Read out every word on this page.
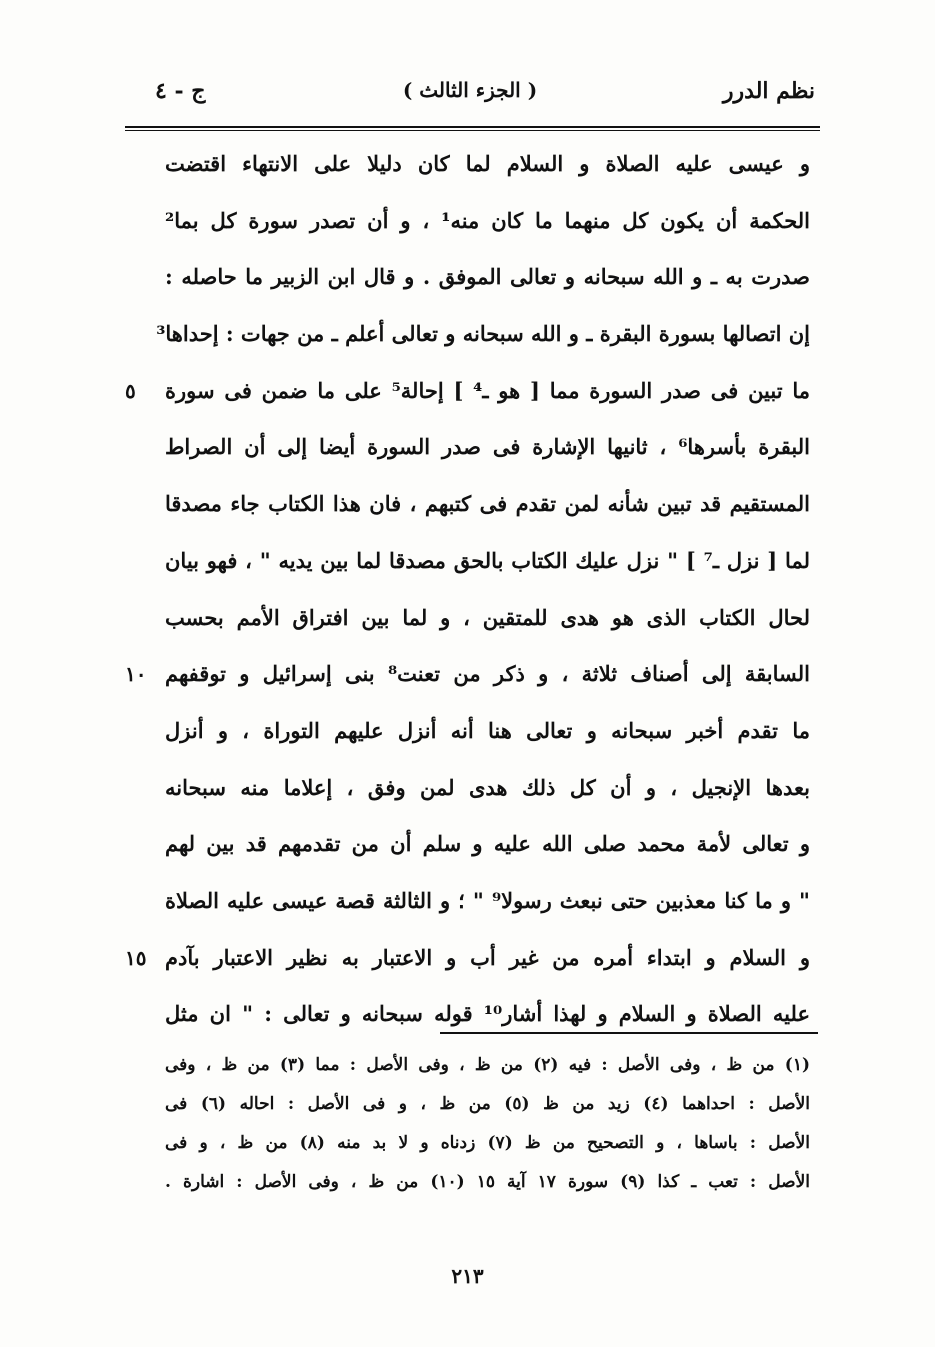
نظم الدرر
( الجزء الثالث )
ج - ٤
و عيسى عليه الصلاة و السلام لما كان دليلا على الانتهاء اقتضت
الحكمة أن يكون كل منهما ما كان منه¹ ، و أن تصدر سورة كل بما²
صدرت به ـ و الله سبحانه و تعالى الموفق . و قال ابن الزبير ما حاصله :
إن اتصالها بسورة البقرة ـ و الله سبحانه و تعالى أعلم ـ من جهات : إحداها³
ما تبين فى صدر السورة مما [ هو ـ⁴ ] إحالة⁵ على ما ضمن فى سورة
٥
البقرة بأسرها⁶ ، ثانيها الإشارة فى صدر السورة أيضا إلى أن الصراط
المستقيم قد تبين شأنه لمن تقدم فى كتبهم ، فان هذا الكتاب جاء مصدقا
لما [ نزل ـ⁷ ] " نزل عليك الكتاب بالحق مصدقا لما بين يديه " ، فهو بيان
لحال الكتاب الذى هو هدى للمتقين ، و لما بين افتراق الأمم بحسب
السابقة إلى أصناف ثلاثة ، و ذكر من تعنت⁸ بنى إسرائيل و توقفهم
١٠
ما تقدم أخبر سبحانه و تعالى هنا أنه أنزل عليهم التوراة ، و أنزل
بعدها الإنجيل ، و أن كل ذلك هدى لمن وفق ، إعلاما منه سبحانه
و تعالى لأمة محمد صلى الله عليه و سلم أن من تقدمهم قد بين لهم
" و ما كنا معذبين حتى نبعث رسولا⁹ " ؛ و الثالثة قصة عيسى عليه الصلاة
و السلام و ابتداء أمره من غير أب و الاعتبار به نظير الاعتبار بآدم
١٥
عليه الصلاة و السلام و لهذا أشار¹⁰ قوله سبحانه و تعالى : " ان مثل
(١) من ظ ، وفى الأصل : فيه (٢) من ظ ، وفى الأصل : مما (٣) من ظ ، وفى
الأصل : احداهما (٤) زيد من ظ (٥) من ظ ، و فى الأصل : احاله (٦) فى
الأصل : باساها ، و التصحيح من ظ (٧) زدناه و لا بد منه (٨) من ظ ، و فى
الأصل : تعب ـ كذا (٩) سورة ١٧ آية ١٥ (١٠) من ظ ، وفى الأصل : اشارة .
٢١٣
